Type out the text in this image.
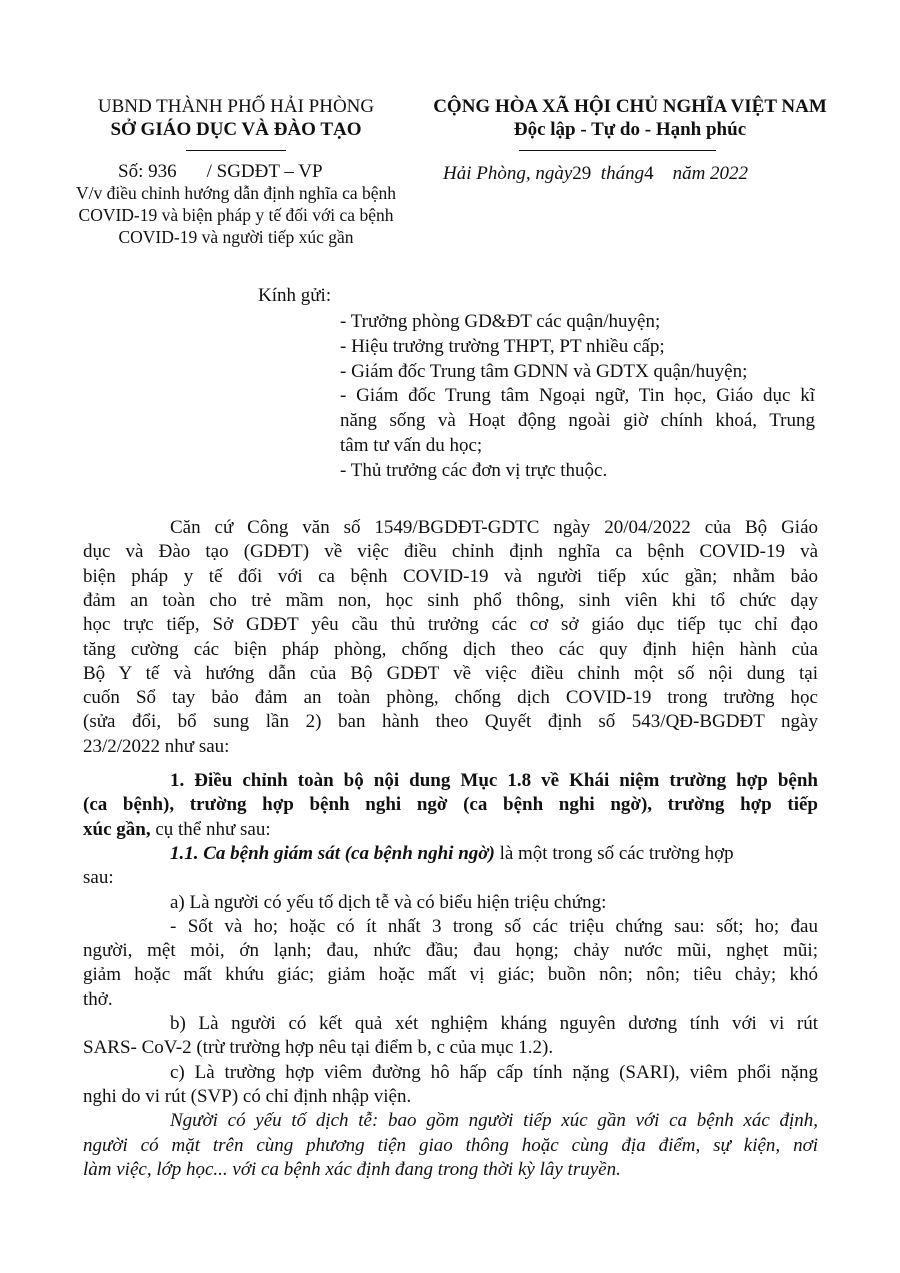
UBND THÀNH PHỐ HẢI PHÒNG
SỞ GIÁO DỤC VÀ ĐÀO TẠO
Số: 936 / SGDĐT – VP
V/v điều chỉnh hướng dẫn định nghĩa ca bệnh
COVID-19 và biện pháp y tế đối với ca bệnh
COVID-19 và người tiếp xúc gần
CỘNG HÒA XÃ HỘI CHỦ NGHĨA VIỆT NAM
Độc lập - Tự do - Hạnh phúc
Hải Phòng, ngày29 tháng4 năm 2022
Kính gửi:
- Trưởng phòng GD&ĐT các quận/huyện;
- Hiệu trưởng trường THPT, PT nhiều cấp;
- Giám đốc Trung tâm GDNN và GDTX quận/huyện;
- Giám đốc Trung tâm Ngoại ngữ, Tin học, Giáo dục kĩ
năng sống và Hoạt động ngoài giờ chính khoá, Trung
tâm tư vấn du học;
- Thủ trưởng các đơn vị trực thuộc.
Căn cứ Công văn số 1549/BGDĐT-GDTC ngày 20/04/2022 của Bộ Giáo
dục và Đào tạo (GDĐT) về việc điều chỉnh định nghĩa ca bệnh COVID-19 và
biện pháp y tế đối với ca bệnh COVID-19 và người tiếp xúc gần; nhằm bảo
đảm an toàn cho trẻ mầm non, học sinh phổ thông, sinh viên khi tổ chức dạy
học trực tiếp, Sở GDĐT yêu cầu thủ trưởng các cơ sở giáo dục tiếp tục chỉ đạo
tăng cường các biện pháp phòng, chống dịch theo các quy định hiện hành của
Bộ Y tế và hướng dẫn của Bộ GDĐT về việc điều chỉnh một số nội dung tại
cuốn Sổ tay bảo đảm an toàn phòng, chống dịch COVID-19 trong trường học
(sửa đổi, bổ sung lần 2) ban hành theo Quyết định số 543/QĐ-BGDĐT ngày
23/2/2022 như sau:
1. Điều chỉnh toàn bộ nội dung Mục 1.8 về Khái niệm trường hợp bệnh
(ca bệnh), trường hợp bệnh nghi ngờ (ca bệnh nghi ngờ), trường hợp tiếp
xúc gần, cụ thể như sau:
1.1. Ca bệnh giám sát (ca bệnh nghi ngờ) là một trong số các trường hợp
sau:
a) Là người có yếu tố dịch tễ và có biểu hiện triệu chứng:
- Sốt và ho; hoặc có ít nhất 3 trong số các triệu chứng sau: sốt; ho; đau
người, mệt mỏi, ớn lạnh; đau, nhức đầu; đau họng; chảy nước mũi, nghẹt mũi;
giảm hoặc mất khứu giác; giảm hoặc mất vị giác; buồn nôn; nôn; tiêu chảy; khó
thở.
b) Là người có kết quả xét nghiệm kháng nguyên dương tính với vi rút
SARS- CoV-2 (trừ trường hợp nêu tại điểm b, c của mục 1.2).
c) Là trường hợp viêm đường hô hấp cấp tính nặng (SARI), viêm phổi nặng
nghi do vi rút (SVP) có chỉ định nhập viện.
Người có yếu tố dịch tễ: bao gồm người tiếp xúc gần với ca bệnh xác định,
người có mặt trên cùng phương tiện giao thông hoặc cùng địa điểm, sự kiện, nơi
làm việc, lớp học... với ca bệnh xác định đang trong thời kỳ lây truyền.
